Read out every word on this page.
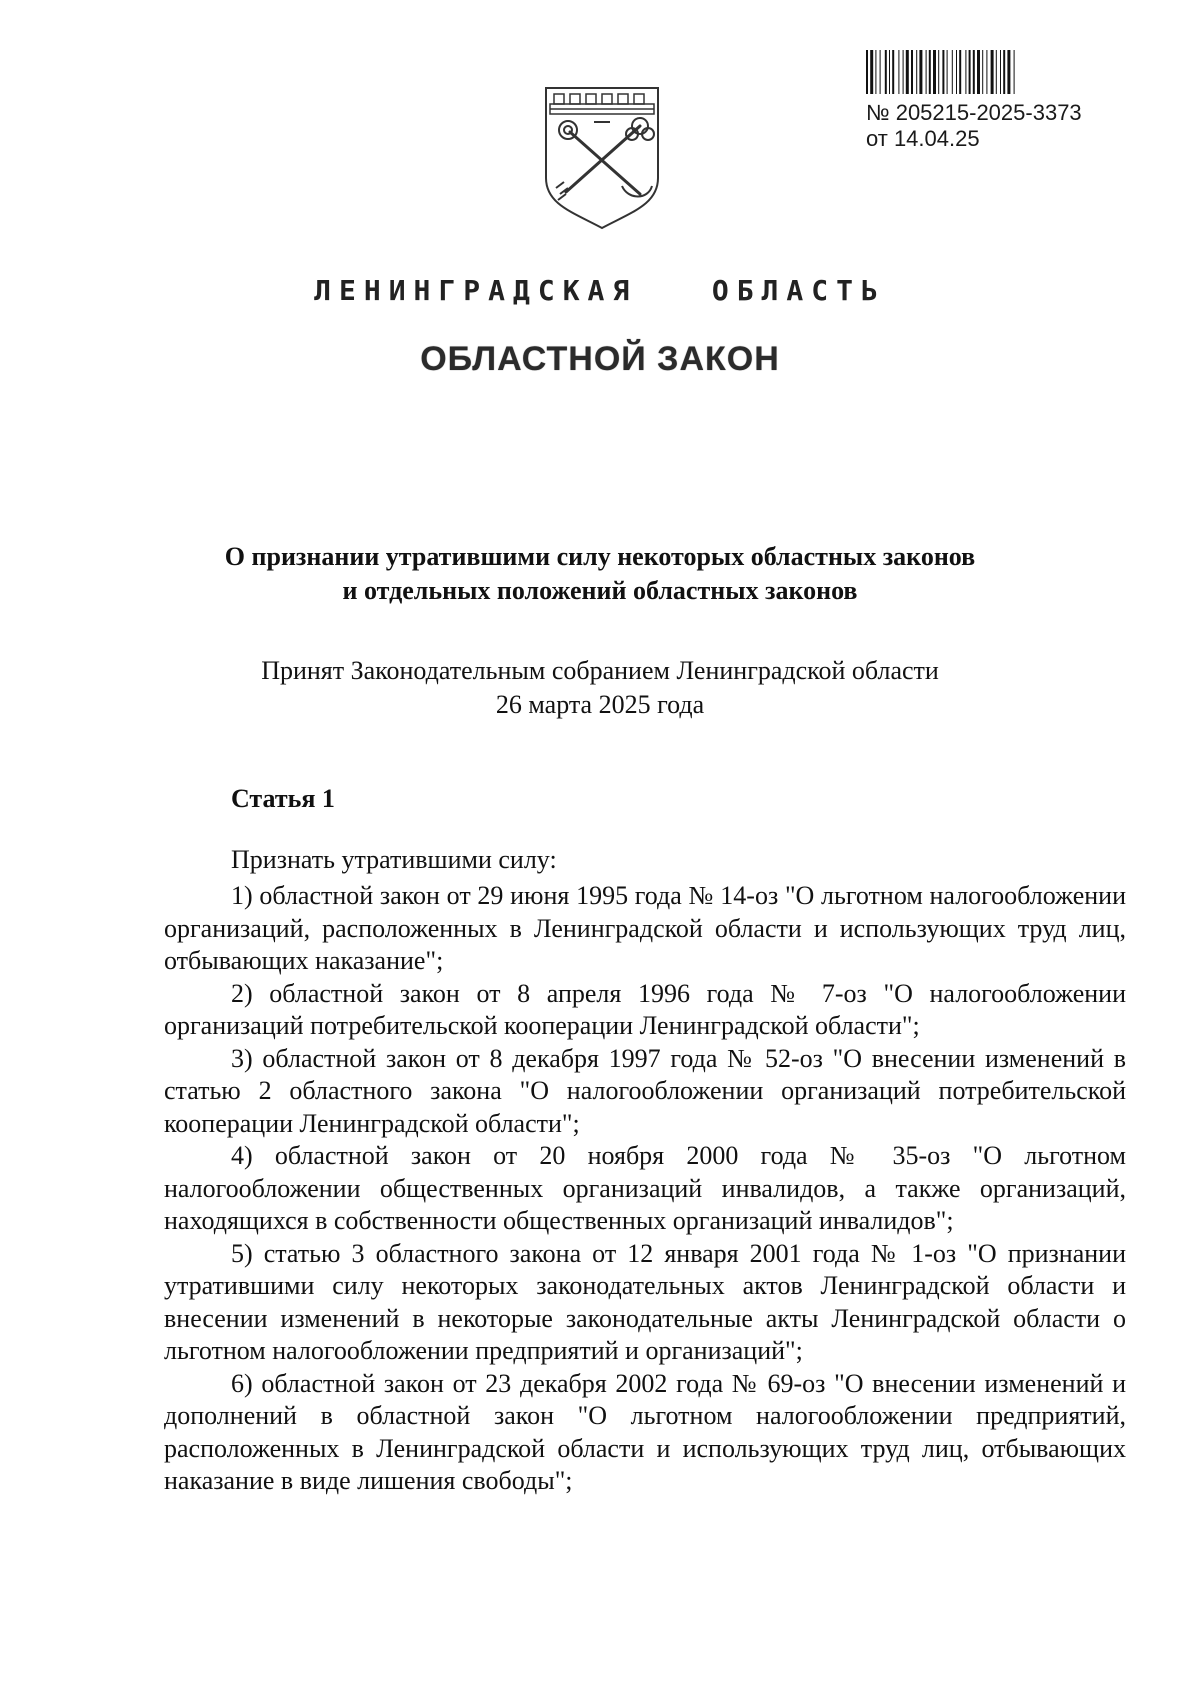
№ 205215-2025-3373
от 14.04.25
ЛЕНИНГРАДСКАЯ   ОБЛАСТЬ
ОБЛАСТНОЙ ЗАКОН
О признании утратившими силу некоторых областных законов
и отдельных положений областных законов
Принят Законодательным собранием Ленинградской области
26 марта 2025 года
Статья 1
Признать утратившими силу:
1) областной закон от 29 июня 1995 года № 14-оз "О льготном налогообложении организаций, расположенных в Ленинградской области и использующих труд лиц, отбывающих наказание";
2) областной закон от 8 апреля 1996 года № 7-оз "О налогообложении организаций потребительской кооперации Ленинградской области";
3) областной закон от 8 декабря 1997 года № 52-оз "О внесении изменений в статью 2 областного закона "О налогообложении организаций потребительской кооперации Ленинградской области";
4) областной закон от 20 ноября 2000 года № 35-оз "О льготном налогообложении общественных организаций инвалидов, а также организаций, находящихся в собственности общественных организаций инвалидов";
5) статью 3 областного закона от 12 января 2001 года № 1-оз "О признании утратившими силу некоторых законодательных актов Ленинградской области и внесении изменений в некоторые законодательные акты Ленинградской области о льготном налогообложении предприятий и организаций";
6) областной закон от 23 декабря 2002 года № 69-оз "О внесении изменений и дополнений в областной закон "О льготном налогообложении предприятий, расположенных в Ленинградской области и использующих труд лиц, отбывающих наказание в виде лишения свободы";
